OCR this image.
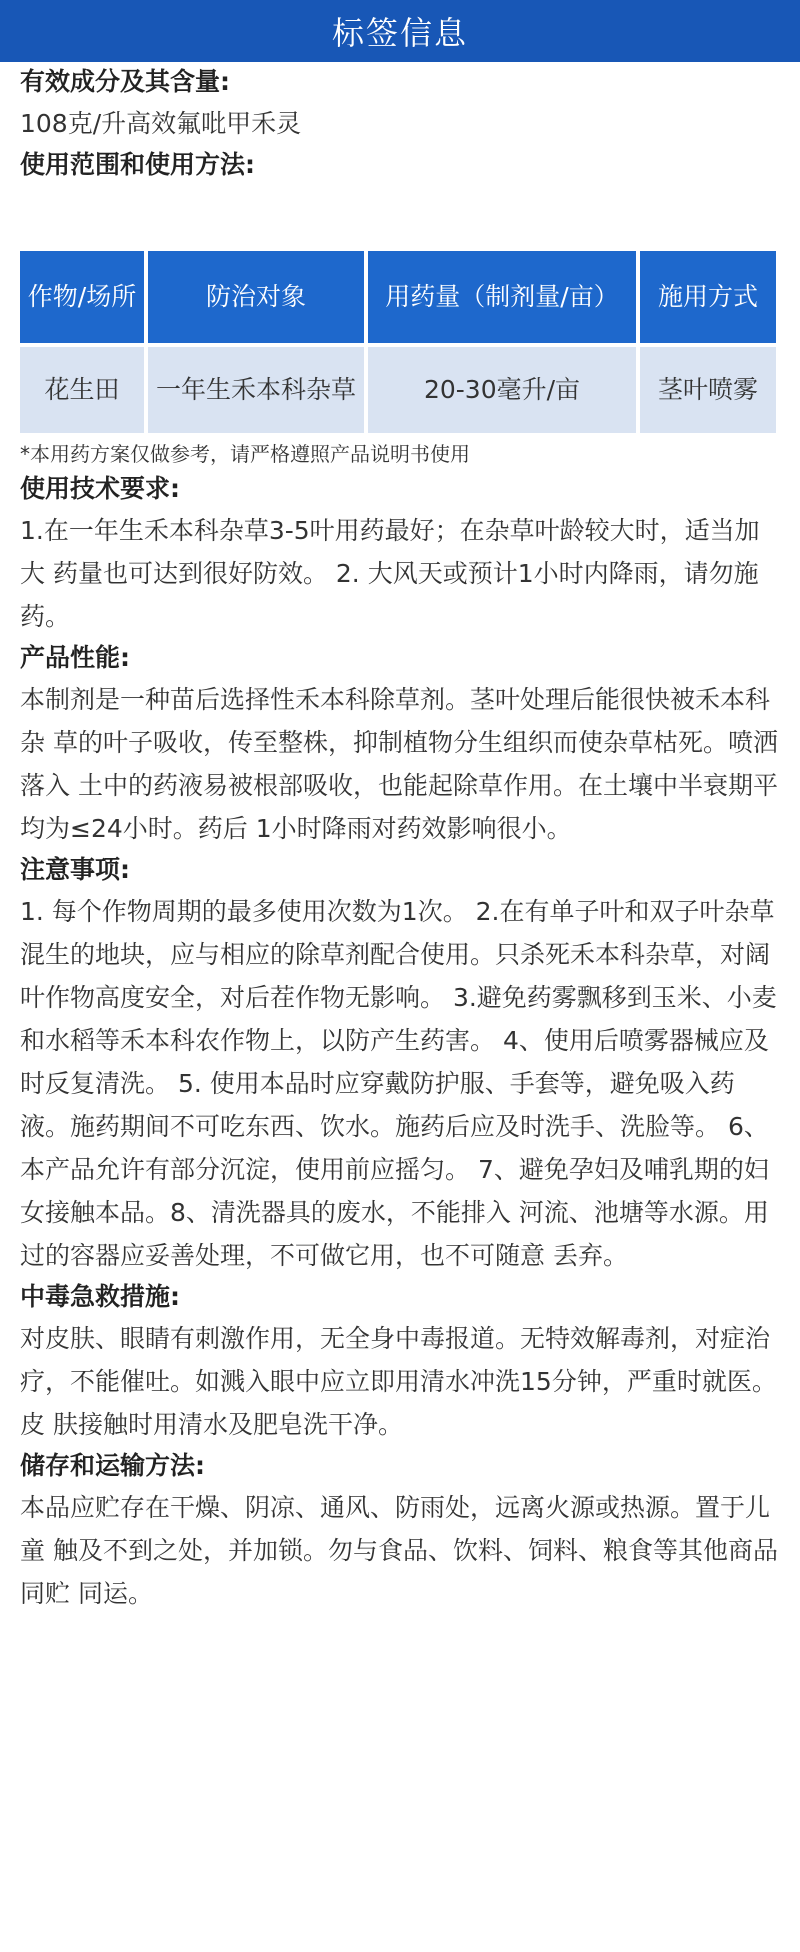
标签信息

有效成分及其含量:

108克/升高效氟吡甲禾灵

使用范围和使用方法:

作物/场所	防治对象	用药量（制剂量/亩）	施用方式
花生田	一年生禾本科杂草	20-30毫升/亩	茎叶喷雾
*本用药方案仅做参考，请严格遵照产品说明书使用

使用技术要求:

1.在一年生禾本科杂草3-5叶用药最好；在杂草叶龄较大时，适当加大 药量也可达到很好防效。 2. 大风天或预计1小时内降雨，请勿施药。

产品性能:

本制剂是一种苗后选择性禾本科除草剂。茎叶处理后能很快被禾本科杂 草的叶子吸收，传至整株，抑制植物分生组织而使杂草枯死。喷洒落入 土中的药液易被根部吸收，也能起除草作用。在土壤中半衰期平均为≤24小时。药后 1小时降雨对药效影响很小。

注意事项:

1. 每个作物周期的最多使用次数为1次。 2.在有单子叶和双子叶杂草混生的地块，应与相应的除草剂配合使用。只杀死禾本科杂草，对阔叶作物高度安全，对后茬作物无影响。 3.避免药雾飘移到玉米、小麦和水稻等禾本科农作物上，以防产生药害。 4、使用后喷雾器械应及时反复清洗。 5. 使用本品时应穿戴防护服、手套等，避免吸入药液。施药期间不可吃东西、饮水。施药后应及时洗手、洗脸等。 6、本产品允许有部分沉淀，使用前应摇匀。 7、避免孕妇及哺乳期的妇女接触本品。8、清洗器具的废水，不能排入 河流、池塘等水源。用过的容器应妥善处理，不可做它用，也不可随意 丢弃。

中毒急救措施:

对皮肤、眼睛有刺激作用，无全身中毒报道。无特效解毒剂，对症治 疗，不能催吐。如溅入眼中应立即用清水冲洗15分钟，严重时就医。皮 肤接触时用清水及肥皂洗干净。

储存和运输方法:

本品应贮存在干燥、阴凉、通风、防雨处，远离火源或热源。置于儿童 触及不到之处，并加锁。勿与食品、饮料、饲料、粮食等其他商品同贮 同运。
